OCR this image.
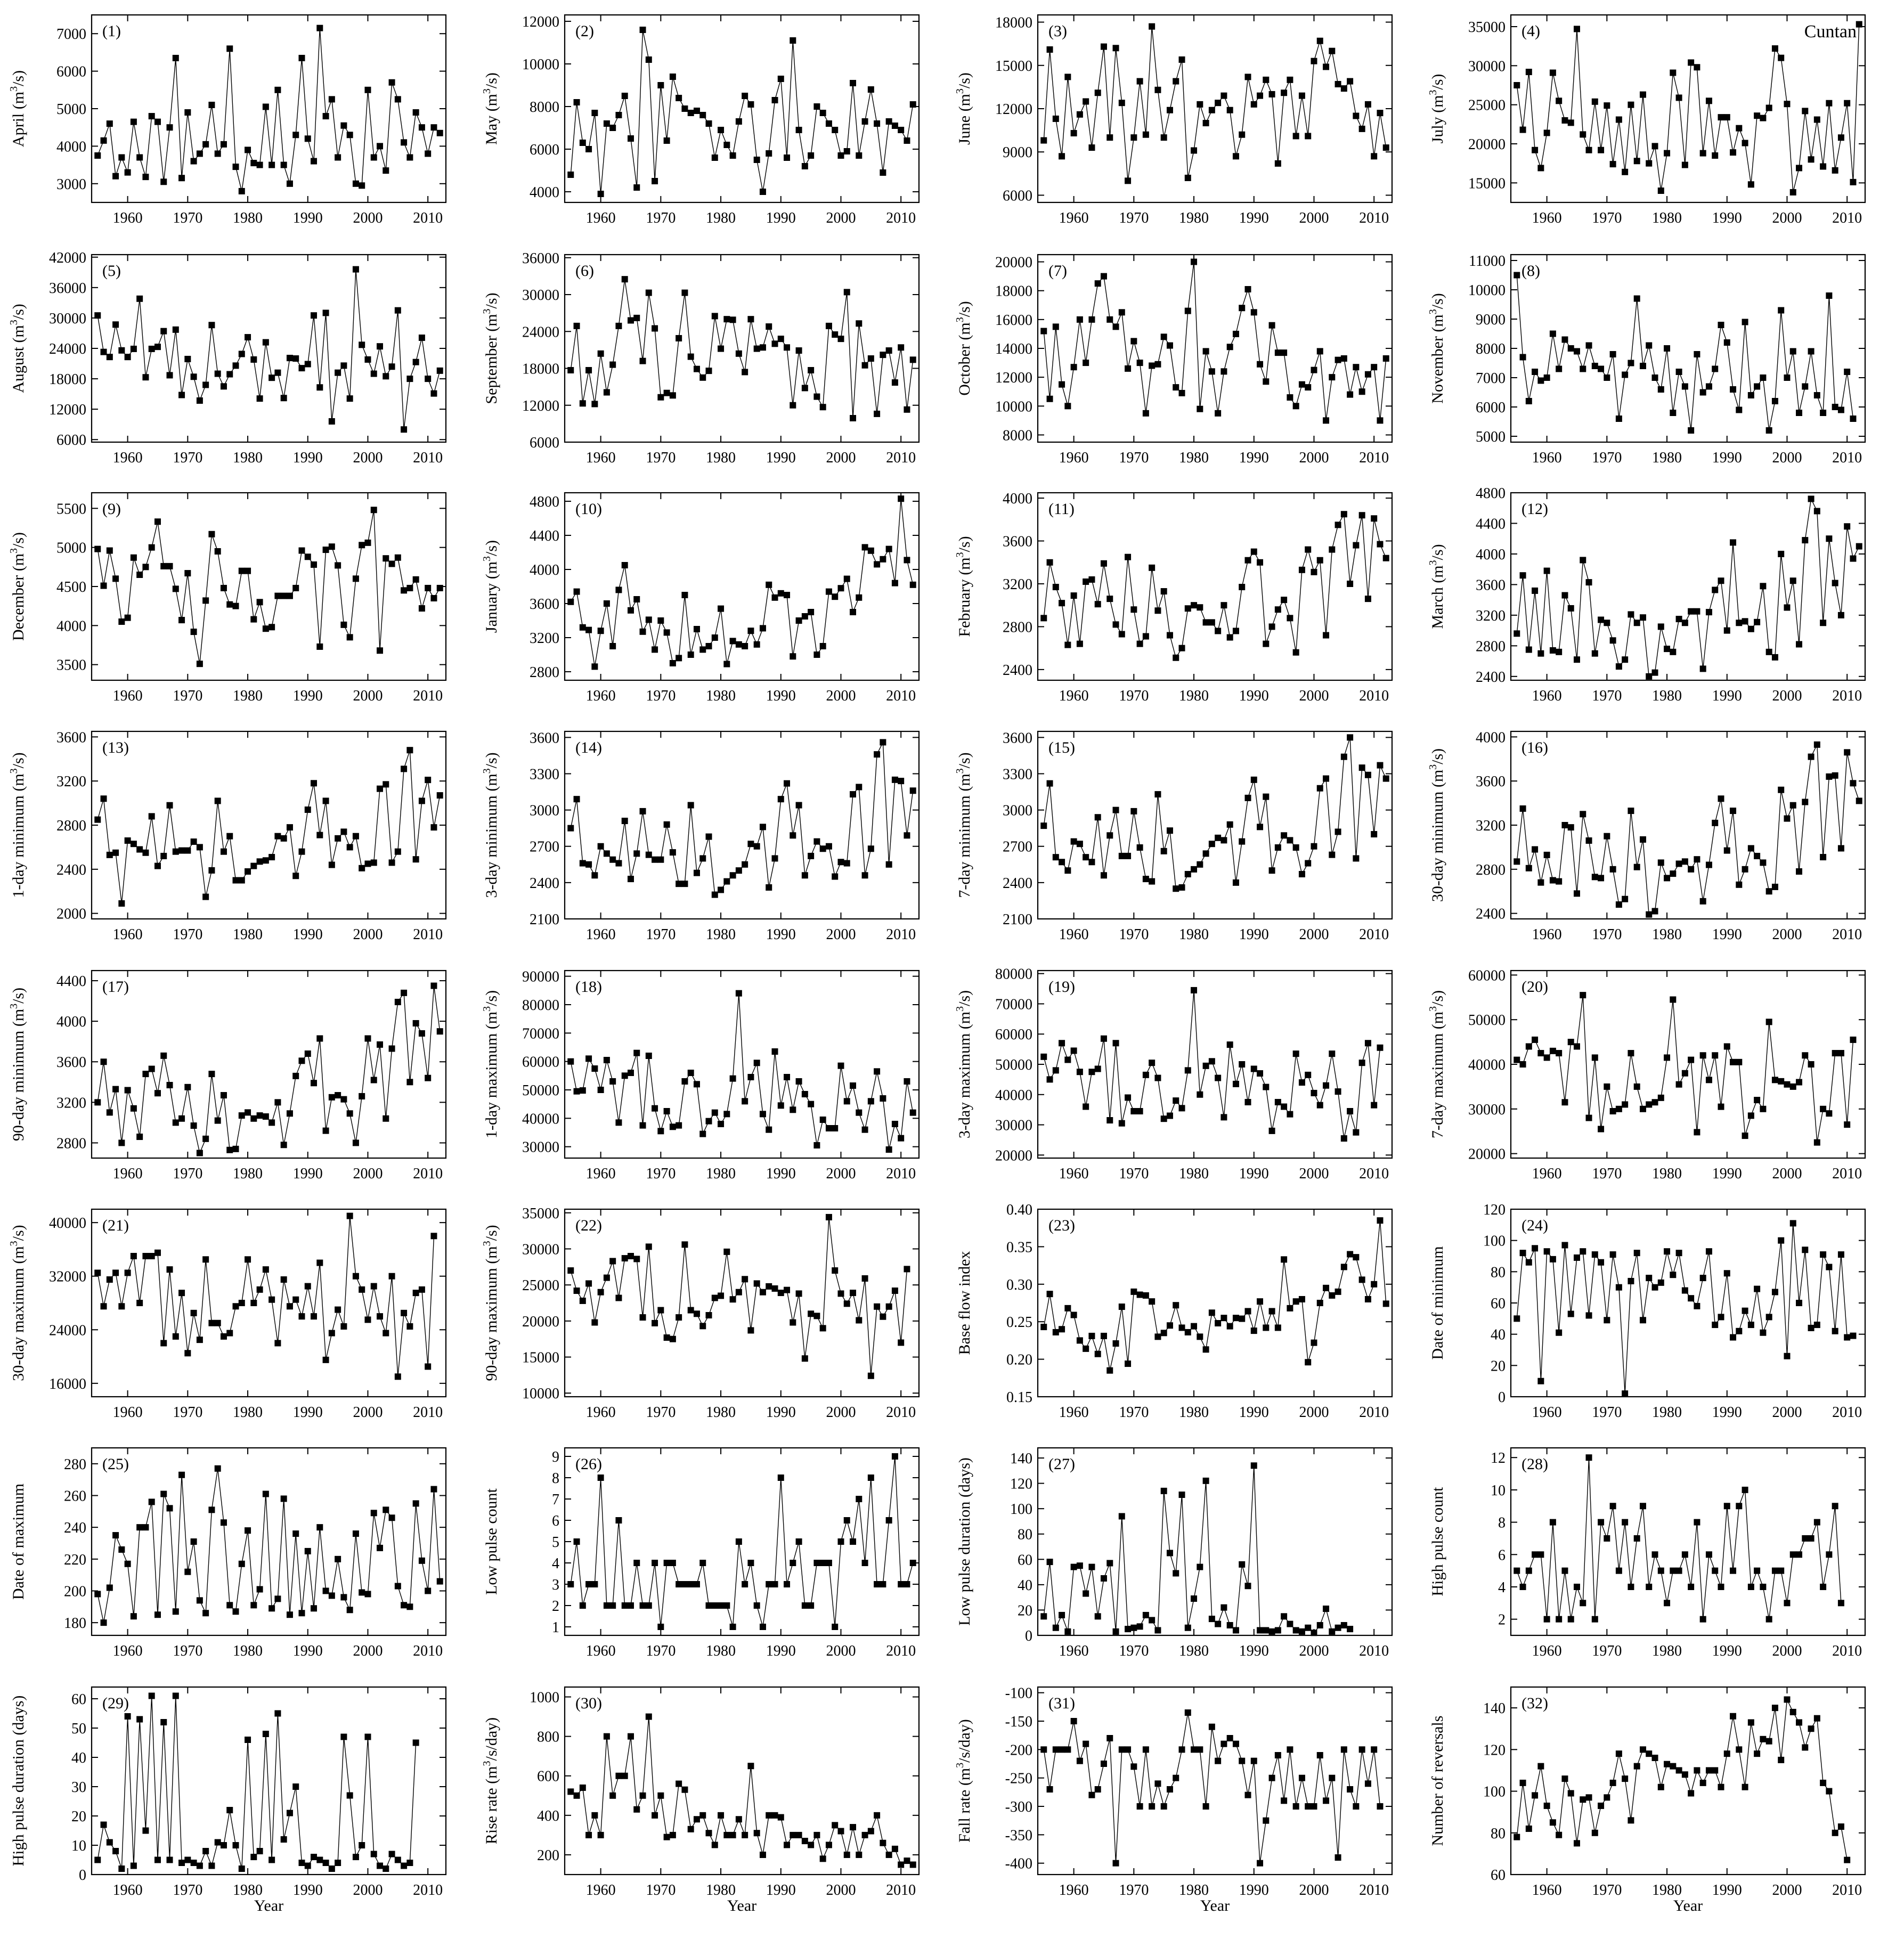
1960 1970 1980 1990 2000 2010
3000
4000
5000
6000
7000 (1)
April $(m^3/s)$
1960 1970 1980 1990 2000 2010
4000
6000
8000
10000
12000
(2)
May $(m^3/s)$
1960 1970 1980 1990 2000 2010
6000
9000
12000
15000
18000 (3)
June $(m^3/s)$
1960 1970 1980 1990 2000 2010
15000
20000
25000
30000
35000 (4)
July $(m^3/s)$
Cuntan
1960 1970 1980 1990 2000 2010
6000
12000
18000
24000
30000
36000
42000
(5)
August $(m^3/s)$
1960 1970 1980 1990 2000 2010
6000
12000
18000
24000
30000
36000
(6)
September $(m^3/s)$
1960 1970 1980 1990 2000 2010
8000
10000
12000
14000
16000
18000
20000 (7)
October $(m^3/s)$
1960 1970 1980 1990 2000 2010
5000
6000
7000
8000
9000
10000
11000
(8)
November $(m^3/s)$
1960 1970 1980 1990 2000 2010
3500
4000
4500
5000
5500 (9)
December $(m^3/s)$
1960 1970 1980 1990 2000 2010
2800
3200
3600
4000
4400
4800 (10)
January $(m^3/s)$
1960 1970 1980 1990 2000 2010
2400
2800
3200
3600
4000
(11)
February $(m^3/s)$
1960 1970 1980 1990 2000 2010
2400
2800
3200
3600
4000
4400
4800
(12)
March $(m^3/s)$
1960 1970 1980 1990 2000 2010
2000
2400
2800
3200
3600
(13)
1-day minimum $(m^3/s)$
1960 1970 1980 1990 2000 2010
2100
2400
2700
3000
3300
3600
(14)
3-day minimum $(m^3/s)$
1960 1970 1980 1990 2000 2010
2100
2400
2700
3000
3300
3600
(15)
7-day minimum $(m^3/s)$
1960 1970 1980 1990 2000 2010
2400
2800
3200
3600
4000
(16)
30-day minimum $(m^3/s)$
1960 1970 1980 1990 2000 2010
2800
3200
3600
4000
4400 (17)
90-day minimum $(m^3/s)$
1960 1970 1980 1990 2000 2010
30000
40000
50000
60000
70000
80000
90000
(18)
1-day maximum $(m^3/s)$
1960 1970 1980 1990 2000 2010
20000
30000
40000
50000
60000
70000
80000
(19)
3-day maximum $(m^3/s)$
1960 1970 1980 1990 2000 2010
20000
30000
40000
50000
60000
(20)
7-day maximum $(m^3/s)$
1960 1970 1980 1990 2000 2010
16000
24000
32000
40000 (21)
30-day maximum $(m^3/s)$
1960 1970 1980 1990 2000 2010
10000
15000
20000
25000
30000
35000
(22)
90-day maximum $(m^3/s)$
1960 1970 1980 1990 2000 2010
0.15
0.20
0.25
0.30
0.35
0.40
(23)
Base flow index
1960 1970 1980 1990 2000 2010
0
20
40
60
80
100
120
(24)
Date of minimum
1960 1970 1980 1990 2000 2010
180
200
220
240
260
280 (25)
Date of maximum
1960 1970 1980 1990 2000 2010
1
2
3
4
5
6
7
8
9 (26)
Low pulse count
1960 1970 1980 1990 2000 2010
0
20
40
60
80
100
120
140 (27)
Low pulse duration (days)
1960 1970 1980 1990 2000 2010
2
4
6
8
10
12 (28)
High pulse count
1960 1970 1980 1990 2000 2010
0
10
20
30
40
50
60 (29)
High pulse duration (days)
Year
1960 1970 1980 1990 2000 2010
200
400
600
800
1000 (30)
Rise rate $(m^3/s/day)$
Year
1960 1970 1980 1990 2000 2010
-400
-350
-300
-250
-200
-150
-100
(31)
Fall rate $(m^3/s/day)$
Year
1960 1970 1980 1990 2000 2010
60
80
100
120
140 (32)
Number of reversals
Year
